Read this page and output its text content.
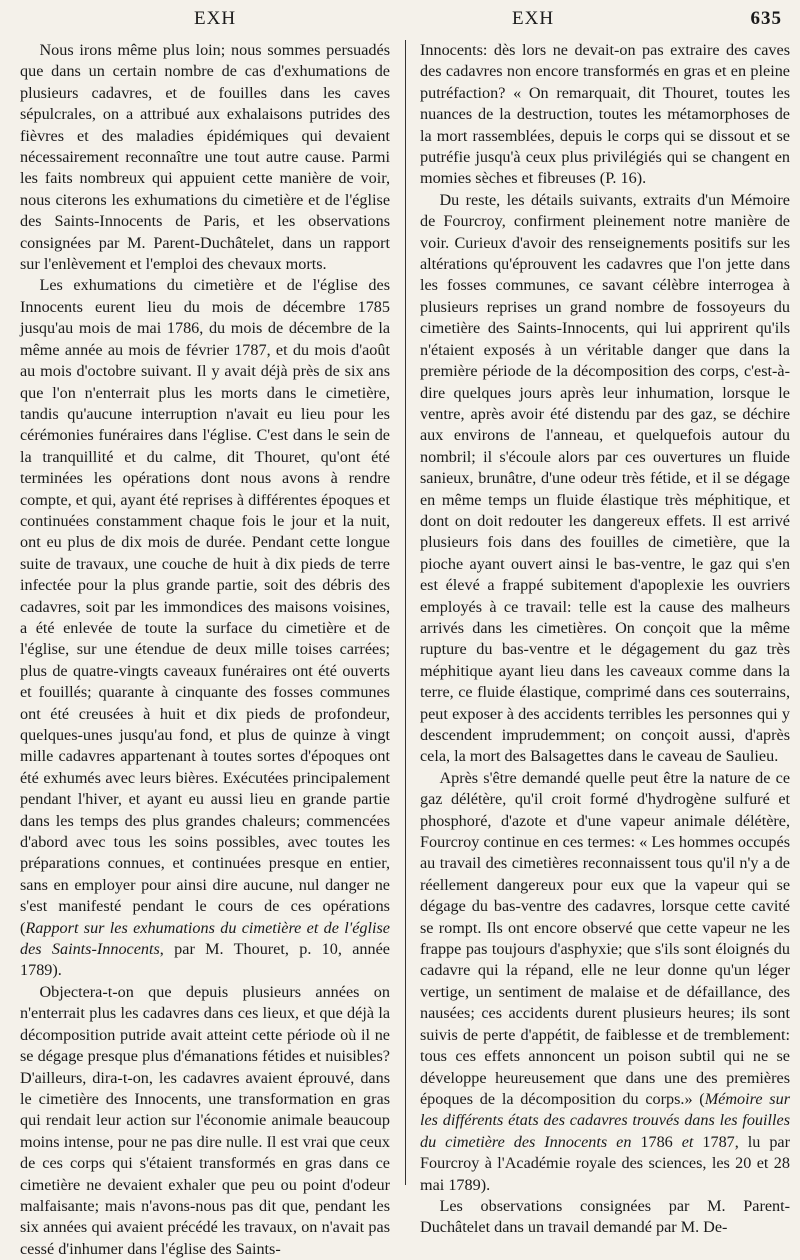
EXH	EXH	635

Nous irons même plus loin; nous sommes persuadés que dans un certain nombre de cas d'exhumations de plusieurs cadavres, et de fouilles dans les caves sépulcrales, on a attribué aux exhalaisons putrides des fièvres et des maladies épidémiques qui devaient nécessairement reconnaître une tout autre cause. Parmi les faits nombreux qui appuient cette manière de voir, nous citerons les exhumations du cimetière et de l'église des Saints-Innocents de Paris, et les observations consignées par M. Parent-Duchâtelet, dans un rapport sur l'enlèvement et l'emploi des chevaux morts.

Les exhumations du cimetière et de l'église des Innocents eurent lieu du mois de décembre 1785 jusqu'au mois de mai 1786, du mois de décembre de la même année au mois de février 1787, et du mois d'août au mois d'octobre suivant. Il y avait déjà près de six ans que l'on n'enterrait plus les morts dans le cimetière, tandis qu'aucune interruption n'avait eu lieu pour les cérémonies funéraires dans l'église. C'est dans le sein de la tranquillité et du calme, dit Thouret, qu'ont été terminées les opérations dont nous avons à rendre compte, et qui, ayant été reprises à différentes époques et continuées constamment chaque fois le jour et la nuit, ont eu plus de dix mois de durée. Pendant cette longue suite de travaux, une couche de huit à dix pieds de terre infectée pour la plus grande partie, soit des débris des cadavres, soit par les immondices des maisons voisines, a été enlevée de toute la surface du cimetière et de l'église, sur une étendue de deux mille toises carrées; plus de quatre-vingts caveaux funéraires ont été ouverts et fouillés; quarante à cinquante des fosses communes ont été creusées à huit et dix pieds de profondeur, quelques-unes jusqu'au fond, et plus de quinze à vingt mille cadavres appartenant à toutes sortes d'époques ont été exhumés avec leurs bières. Exécutées principalement pendant l'hiver, et ayant eu aussi lieu en grande partie dans les temps des plus grandes chaleurs; commencées d'abord avec tous les soins possibles, avec toutes les préparations connues, et continuées presque en entier, sans en employer pour ainsi dire aucune, nul danger ne s'est manifesté pendant le cours de ces opérations (Rapport sur les exhumations du cimetière et de l'église des Saints-Innocents, par M. Thouret, p. 10, année 1789).

Objectera-t-on que depuis plusieurs années on n'enterrait plus les cadavres dans ces lieux, et que déjà la décomposition putride avait atteint cette période où il ne se dégage presque plus d'émanations fétides et nuisibles? D'ailleurs, dira-t-on, les cadavres avaient éprouvé, dans le cimetière des Innocents, une transformation en gras qui rendait leur action sur l'économie animale beaucoup moins intense, pour ne pas dire nulle. Il est vrai que ceux de ces corps qui s'étaient transformés en gras dans ce cimetière ne devaient exhaler que peu ou point d'odeur malfaisante; mais n'avons-nous pas dit que, pendant les six années qui avaient précédé les travaux, on n'avait pas cessé d'inhumer dans l'église des Saints-

Innocents: dès lors ne devait-on pas extraire des caves des cadavres non encore transformés en gras et en pleine putréfaction? « On remarquait, dit Thouret, toutes les nuances de la destruction, toutes les métamorphoses de la mort rassemblées, depuis le corps qui se dissout et se putréfie jusqu'à ceux plus privilégiés qui se changent en momies sèches et fibreuses (P. 16).

Du reste, les détails suivants, extraits d'un Mémoire de Fourcroy, confirment pleinement notre manière de voir. Curieux d'avoir des renseignements positifs sur les altérations qu'éprouvent les cadavres que l'on jette dans les fosses communes, ce savant célèbre interrogea à plusieurs reprises un grand nombre de fossoyeurs du cimetière des Saints-Innocents, qui lui apprirent qu'ils n'étaient exposés à un véritable danger que dans la première période de la décomposition des corps, c'est-à-dire quelques jours après leur inhumation, lorsque le ventre, après avoir été distendu par des gaz, se déchire aux environs de l'anneau, et quelquefois autour du nombril; il s'écoule alors par ces ouvertures un fluide sanieux, brunâtre, d'une odeur très fétide, et il se dégage en même temps un fluide élastique très méphitique, et dont on doit redouter les dangereux effets. Il est arrivé plusieurs fois dans des fouilles de cimetière, que la pioche ayant ouvert ainsi le bas-ventre, le gaz qui s'en est élevé a frappé subitement d'apoplexie les ouvriers employés à ce travail: telle est la cause des malheurs arrivés dans les cimetières. On conçoit que la même rupture du bas-ventre et le dégagement du gaz très méphitique ayant lieu dans les caveaux comme dans la terre, ce fluide élastique, comprimé dans ces souterrains, peut exposer à des accidents terribles les personnes qui y descendent imprudemment; on conçoit aussi, d'après cela, la mort des Balsagettes dans le caveau de Saulieu.

Après s'être demandé quelle peut être la nature de ce gaz délétère, qu'il croit formé d'hydrogène sulfuré et phosphoré, d'azote et d'une vapeur animale délétère, Fourcroy continue en ces termes: « Les hommes occupés au travail des cimetières reconnaissent tous qu'il n'y a de réellement dangereux pour eux que la vapeur qui se dégage du bas-ventre des cadavres, lorsque cette cavité se rompt. Ils ont encore observé que cette vapeur ne les frappe pas toujours d'asphyxie; que s'ils sont éloignés du cadavre qui la répand, elle ne leur donne qu'un léger vertige, un sentiment de malaise et de défaillance, des nausées; ces accidents durent plusieurs heures; ils sont suivis de perte d'appétit, de faiblesse et de tremblement: tous ces effets annoncent un poison subtil qui ne se développe heureusement que dans une des premières époques de la décomposition du corps.» (Mémoire sur les différents états des cadavres trouvés dans les fouilles du cimetière des Innocents en 1786 et 1787, lu par Fourcroy à l'Académie royale des sciences, les 20 et 28 mai 1789).

Les observations consignées par M. Parent-Duchâtelet dans un travail demandé par M. De-
